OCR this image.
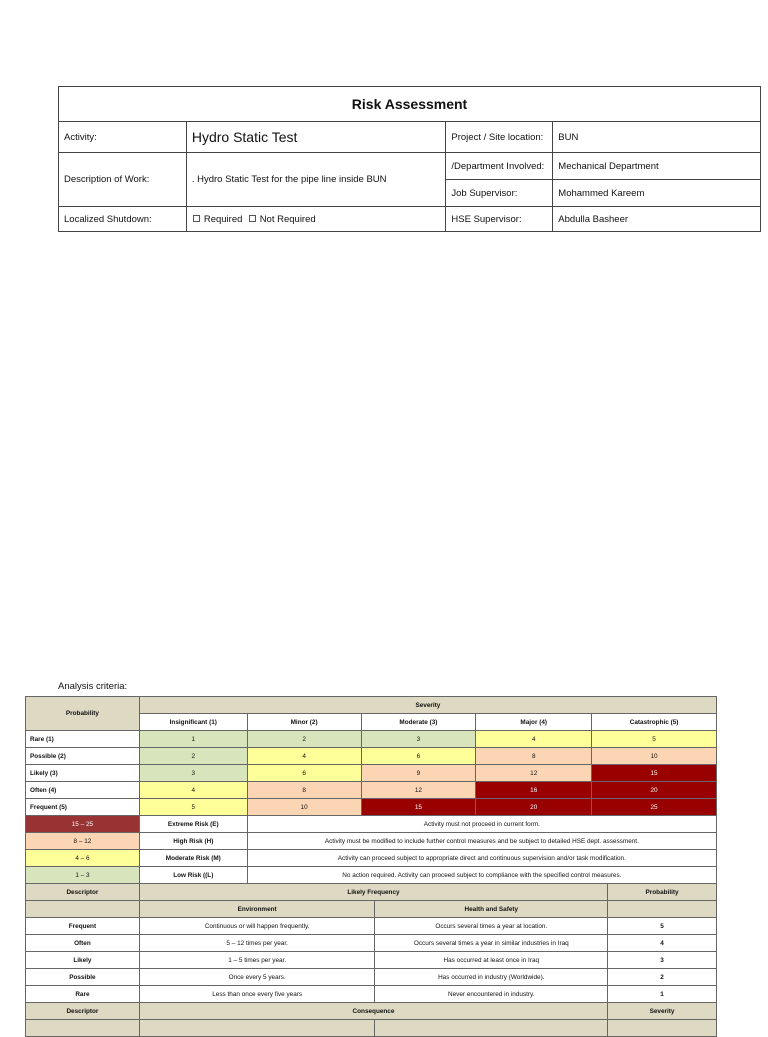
Risk Assessment			
Activity:	Hydro Static Test	Project / Site location:	BUN
Description of Work:	. Hydro Static Test for the pipe line inside BUN	/Department Involved:	Mechanical Department
		Job Supervisor:	Mohammed Kareem
Localized Shutdown:	Required Not Required	HSE Supervisor:	Abdulla Basheer
Analysis criteria:
Probability	Severity						
	Insignificant (1)	Minor (2)	Moderate (3)		Major (4)	Catastrophic (5)	
Rare (1)	1	2	3		4	5	
Possible (2)	2	4	6		8	10	
Likely (3)	3	6	9		12	15	
Often (4)	4	8	12		16	20	
Frequent (5)	5	10	15		20	25	
15 – 25	Extreme Risk (E)	Activity must not proceed in current form.					
8 – 12	High Risk (H)	Activity must be modified to include further control measures and be subject to detailed HSE dept. assessment.					
4 – 6	Moderate Risk (M)	Activity can proceed subject to appropriate direct and continuous supervision and/or task modification.					
1 – 3	Low Risk ((L)	No action required. Activity can proceed subject to compliance with the specified control measures.					
Descriptor	Likely Frequency						Probability
	Environment			Health and Safety			
Frequent	Continuous or will happen frequently.			Occurs several times a year at location.			5
Often	5 – 12 times per year.			Occurs several times a year in similar industries in Iraq			4
Likely	1 – 5 times per year.			Has occurred at least once in Iraq			3
Possible	Once every 5 years.			Has occurred in industry (Worldwide).			2
Rare	Less than once every five years			Never encountered in industry.			1
Descriptor	Consequence						Severity
